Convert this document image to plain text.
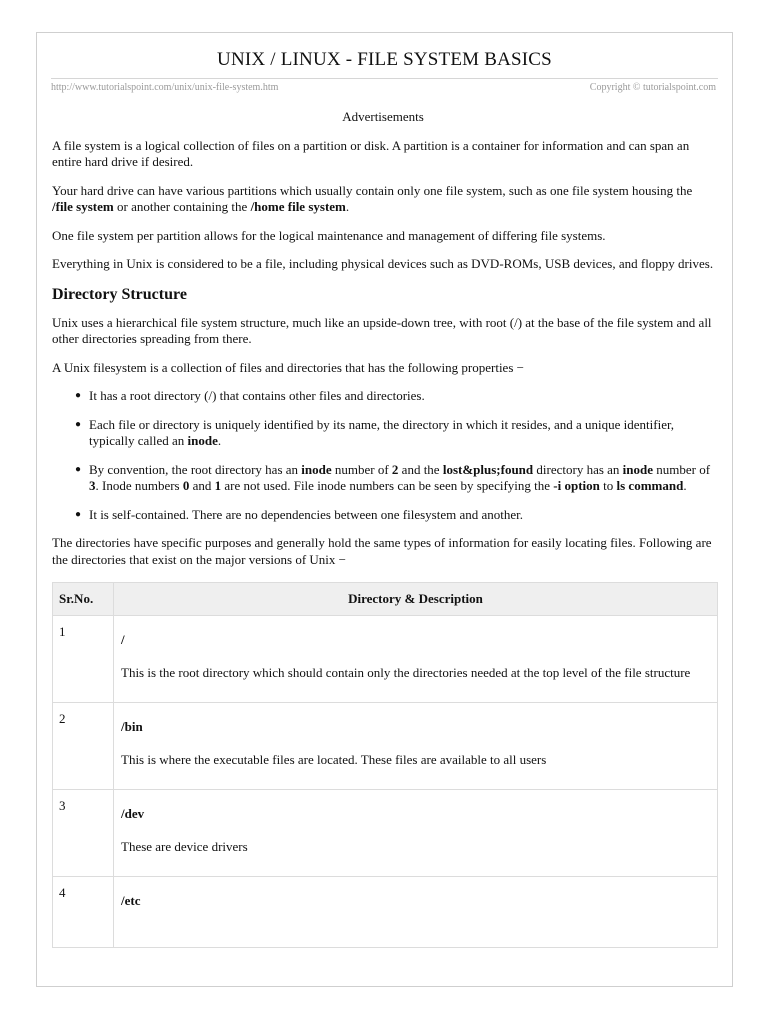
UNIX / LINUX - FILE SYSTEM BASICS
http://www.tutorialspoint.com/unix/unix-file-system.htm	Copyright © tutorialspoint.com
Advertisements

A file system is a logical collection of files on a partition or disk. A partition is a container for information and can span an entire hard drive if desired.

Your hard drive can have various partitions which usually contain only one file system, such as one file system housing the /file system or another containing the /home file system.

One file system per partition allows for the logical maintenance and management of differing file systems.

Everything in Unix is considered to be a file, including physical devices such as DVD-ROMs, USB devices, and floppy drives.

Directory Structure

Unix uses a hierarchical file system structure, much like an upside-down tree, with root (/) at the base of the file system and all other directories spreading from there.

A Unix filesystem is a collection of files and directories that has the following properties −

● It has a root directory (/) that contains other files and directories.
● Each file or directory is uniquely identified by its name, the directory in which it resides, and a unique identifier, typically called an inode.
● By convention, the root directory has an inode number of 2 and the lost&plus;found directory has an inode number of 3. Inode numbers 0 and 1 are not used. File inode numbers can be seen by specifying the -i option to ls command.
● It is self-contained. There are no dependencies between one filesystem and another.

The directories have specific purposes and generally hold the same types of information for easily locating files. Following are the directories that exist on the major versions of Unix −

Sr.No.	Directory & Description
1	/
This is the root directory which should contain only the directories needed at the top level of the file structure
2	/bin
This is where the executable files are located. These files are available to all users
3	/dev
These are device drivers
4	/etc
